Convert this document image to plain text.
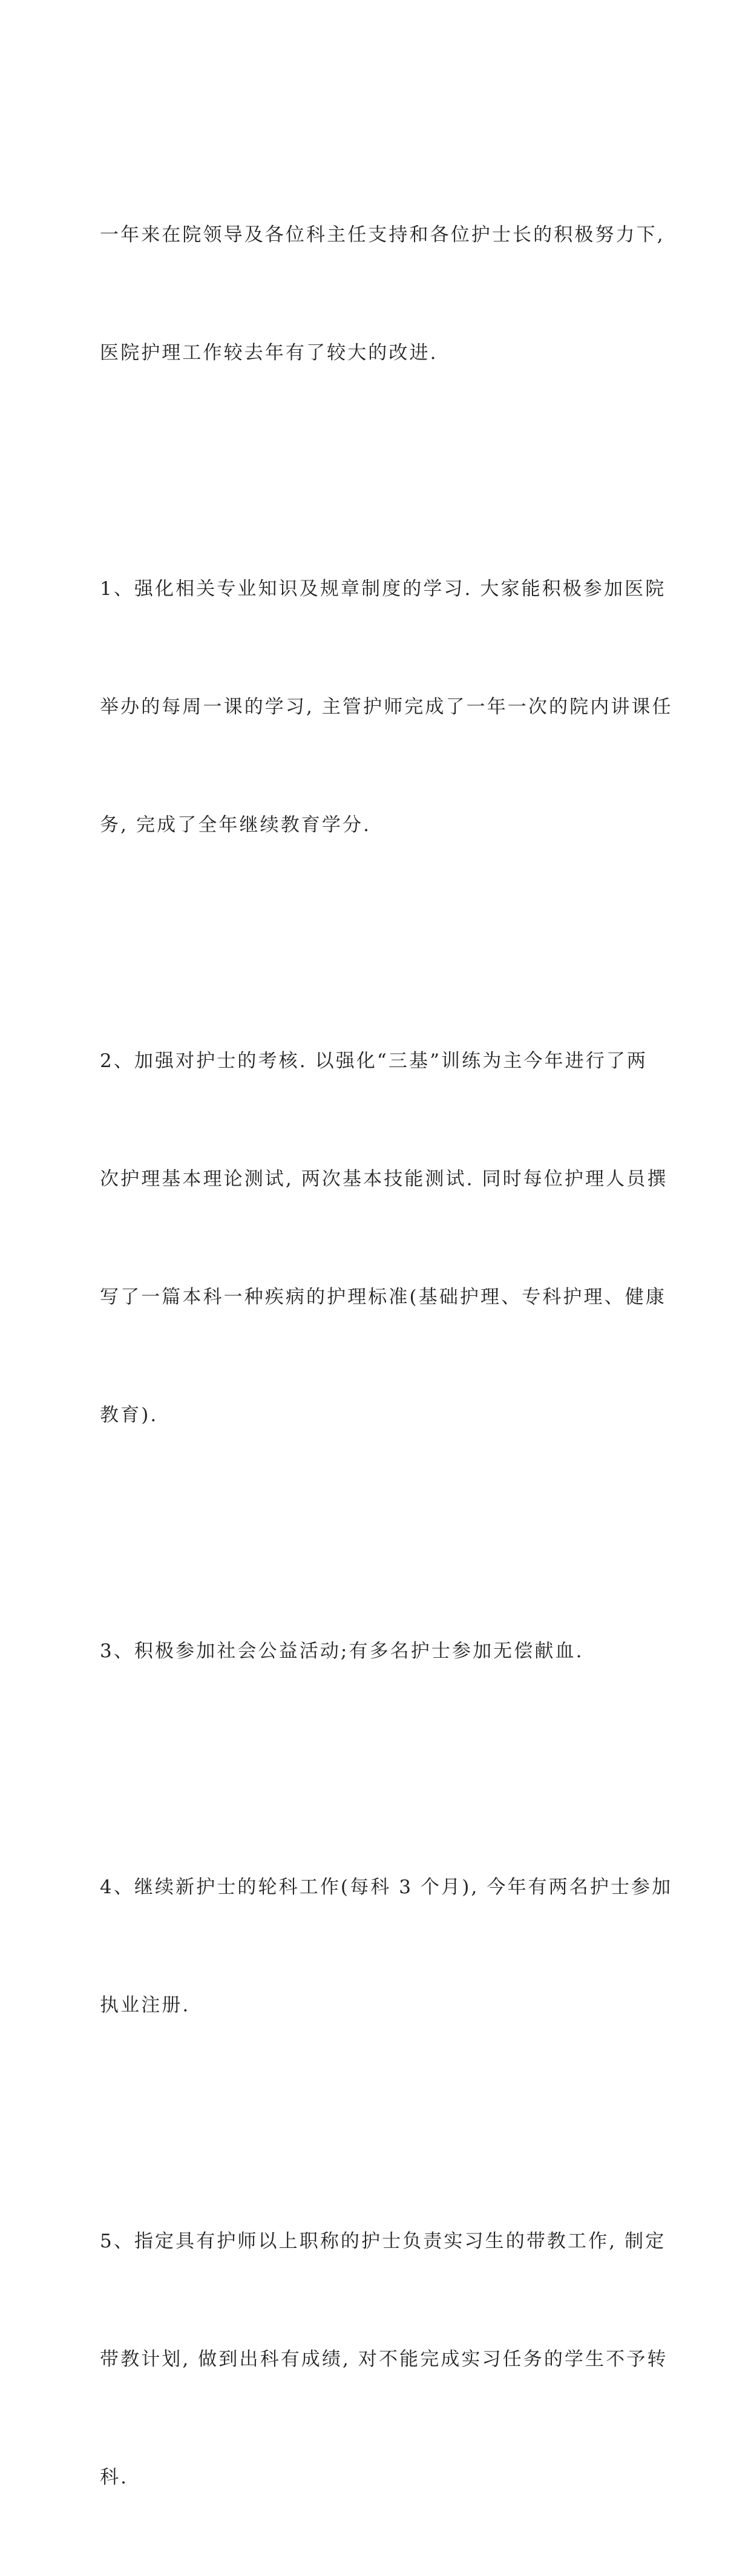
一年来在院领导及各位科主任支持和各位护士长的积极努力下,

医院护理工作较去年有了较大的改进.

1、强化相关专业知识及规章制度的学习. 大家能积极参加医院

举办的每周一课的学习, 主管护师完成了一年一次的院内讲课任

务, 完成了全年继续教育学分.

2、加强对护士的考核. 以强化“三基”训练为主今年进行了两

次护理基本理论测试, 两次基本技能测试. 同时每位护理人员撰

写了一篇本科一种疾病的护理标准(基础护理、专科护理、健康

教育).

3、积极参加社会公益活动;有多名护士参加无偿献血.

4、继续新护士的轮科工作(每科 3 个月), 今年有两名护士参加

执业注册.

5、指定具有护师以上职称的护士负责实习生的带教工作, 制定

带教计划, 做到出科有成绩, 对不能完成实习任务的学生不予转

科.
